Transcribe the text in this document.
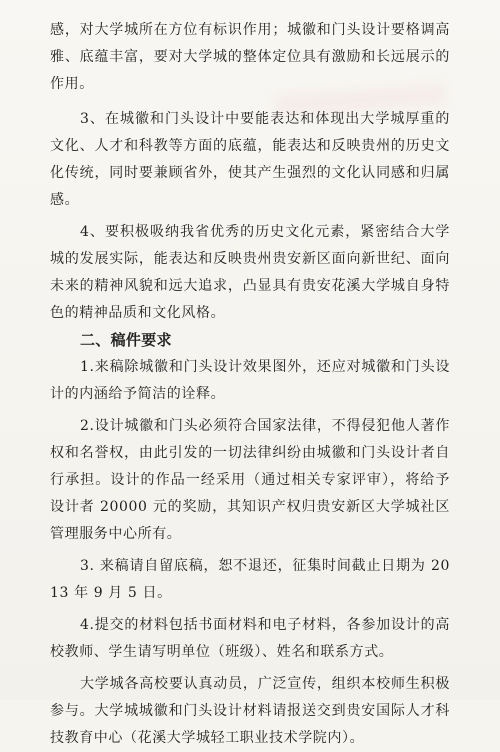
感，对大学城所在方位有标识作用；城徽和门头设计要格调高雅、底蕴丰富，要对大学城的整体定位具有激励和长远展示的作用。

3、在城徽和门头设计中要能表达和体现出大学城厚重的文化、人才和科教等方面的底蕴，能表达和反映贵州的历史文化传统，同时要兼顾省外，使其产生强烈的文化认同感和归属感。

4、要积极吸纳我省优秀的历史文化元素，紧密结合大学城的发展实际，能表达和反映贵州贵安新区面向新世纪、面向未来的精神风貌和远大追求，凸显具有贵安花溪大学城自身特色的精神品质和文化风格。

二、稿件要求

1.来稿除城徽和门头设计效果图外，还应对城徽和门头设计的内涵给予简洁的诠释。

2.设计城徽和门头必须符合国家法律，不得侵犯他人著作权和名誉权，由此引发的一切法律纠纷由城徽和门头设计者自行承担。设计的作品一经采用（通过相关专家评审），将给予设计者 20000 元的奖励，其知识产权归贵安新区大学城社区管理服务中心所有。

3. 来稿请自留底稿，恕不退还，征集时间截止日期为 2013 年 9 月 5 日。

4.提交的材料包括书面材料和电子材料，各参加设计的高校教师、学生请写明单位（班级）、姓名和联系方式。

大学城各高校要认真动员，广泛宣传，组织本校师生积极参与。大学城城徽和门头设计材料请报送交到贵安国际人才科技教育中心（花溪大学城轻工职业技术学院内）。
